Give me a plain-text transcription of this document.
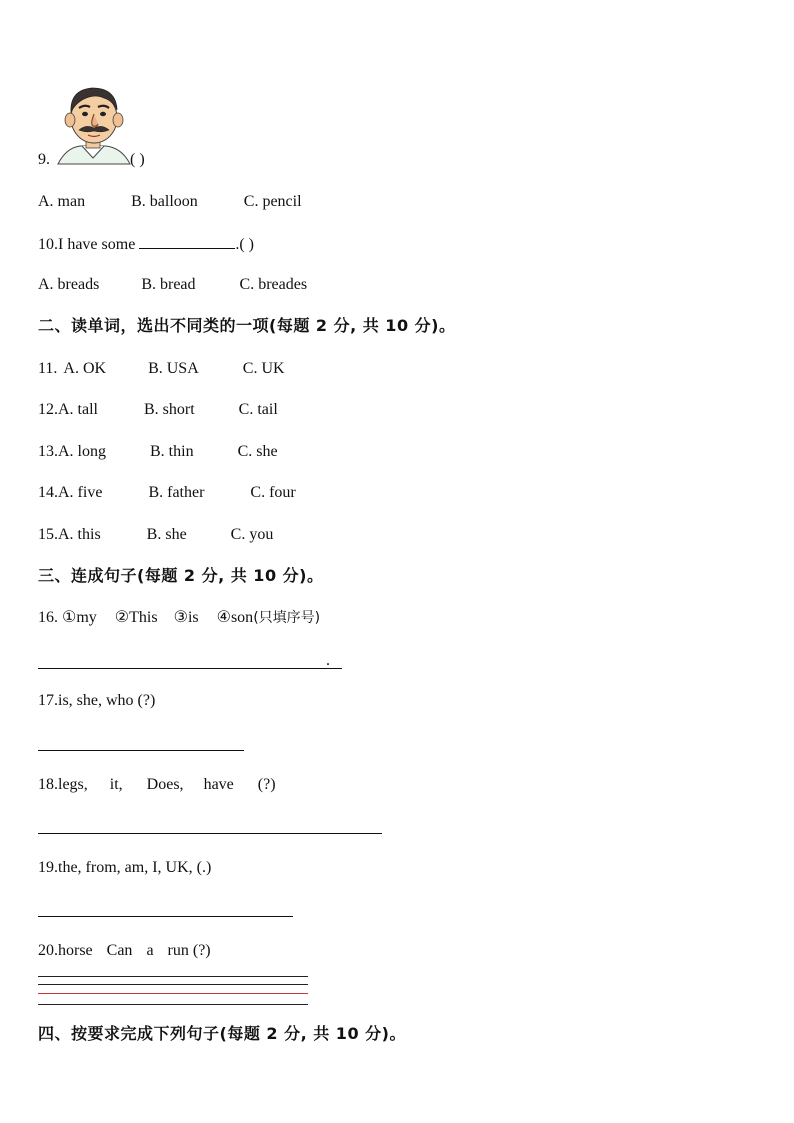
9.	( )
A. man	B. balloon	C. pencil
10.I have some	.( )
A. breads	B. bread	C. breades
二、读单词，选出不同类的一项(每题 2 分, 共 10 分)。
11. A. OK	B. USA	C. UK
12.A. tall	B. short	C. tail
13.A. long	B. thin	C. she
14.A. five	B. father	C. four
15.A. this	B. she	C. you
三、连成句子(每题 2 分, 共 10 分)。
16. ①my ②This ③is ④son(只填序号)
.
17.is, she, who (?)
18.legs, it, Does, have (?)
19.the, from, am, I, UK, (.)
20.horse Can a run (?)
四、按要求完成下列句子(每题 2 分, 共 10 分)。
